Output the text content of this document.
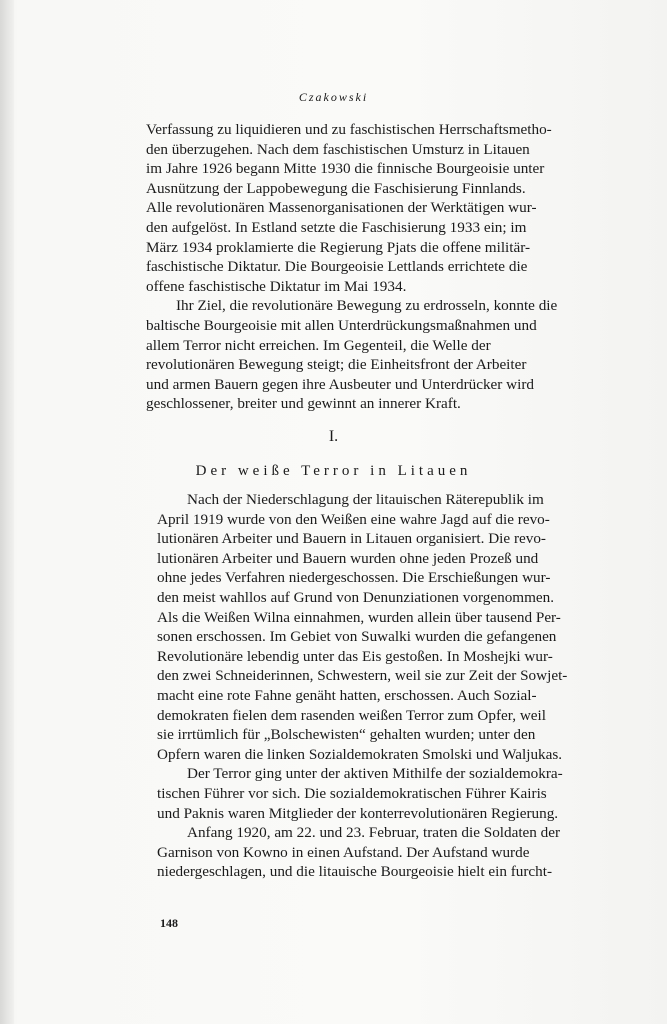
Czakowski
Verfassung zu liquidieren und zu faschistischen Herrschaftsmetho-
den überzugehen. Nach dem faschistischen Umsturz in Litauen
im Jahre 1926 begann Mitte 1930 die finnische Bourgeoisie unter
Ausnützung der Lappobewegung die Faschisierung Finnlands.
Alle revolutionären Massenorganisationen der Werktätigen wur-
den aufgelöst. In Estland setzte die Faschisierung 1933 ein; im
März 1934 proklamierte die Regierung Pjats die offene militär-
faschistische Diktatur. Die Bourgeoisie Lettlands errichtete die
offene faschistische Diktatur im Mai 1934.
Ihr Ziel, die revolutionäre Bewegung zu erdrosseln, konnte die
baltische Bourgeoisie mit allen Unterdrückungsmaßnahmen und
allem Terror nicht erreichen. Im Gegenteil, die Welle der
revolutionären Bewegung steigt; die Einheitsfront der Arbeiter
und armen Bauern gegen ihre Ausbeuter und Unterdrücker wird
geschlossener, breiter und gewinnt an innerer Kraft.
I.
Der weiße Terror in Litauen
Nach der Niederschlagung der litauischen Räterepublik im
April 1919 wurde von den Weißen eine wahre Jagd auf die revo-
lutionären Arbeiter und Bauern in Litauen organisiert. Die revo-
lutionären Arbeiter und Bauern wurden ohne jeden Prozeß und
ohne jedes Verfahren niedergeschossen. Die Erschießungen wur-
den meist wahllos auf Grund von Denunziationen vorgenommen.
Als die Weißen Wilna einnahmen, wurden allein über tausend Per-
sonen erschossen. Im Gebiet von Suwalki wurden die gefangenen
Revolutionäre lebendig unter das Eis gestoßen. In Moshejki wur-
den zwei Schneiderinnen, Schwestern, weil sie zur Zeit der Sowjet-
macht eine rote Fahne genäht hatten, erschossen. Auch Sozial-
demokraten fielen dem rasenden weißen Terror zum Opfer, weil
sie irrtümlich für „Bolschewisten“ gehalten wurden; unter den
Opfern waren die linken Sozialdemokraten Smolski und Waljukas.
Der Terror ging unter der aktiven Mithilfe der sozialdemokra-
tischen Führer vor sich. Die sozialdemokratischen Führer Kairis
und Paknis waren Mitglieder der konterrevolutionären Regierung.
Anfang 1920, am 22. und 23. Februar, traten die Soldaten der
Garnison von Kowno in einen Aufstand. Der Aufstand wurde
niedergeschlagen, und die litauische Bourgeoisie hielt ein furcht-
148
